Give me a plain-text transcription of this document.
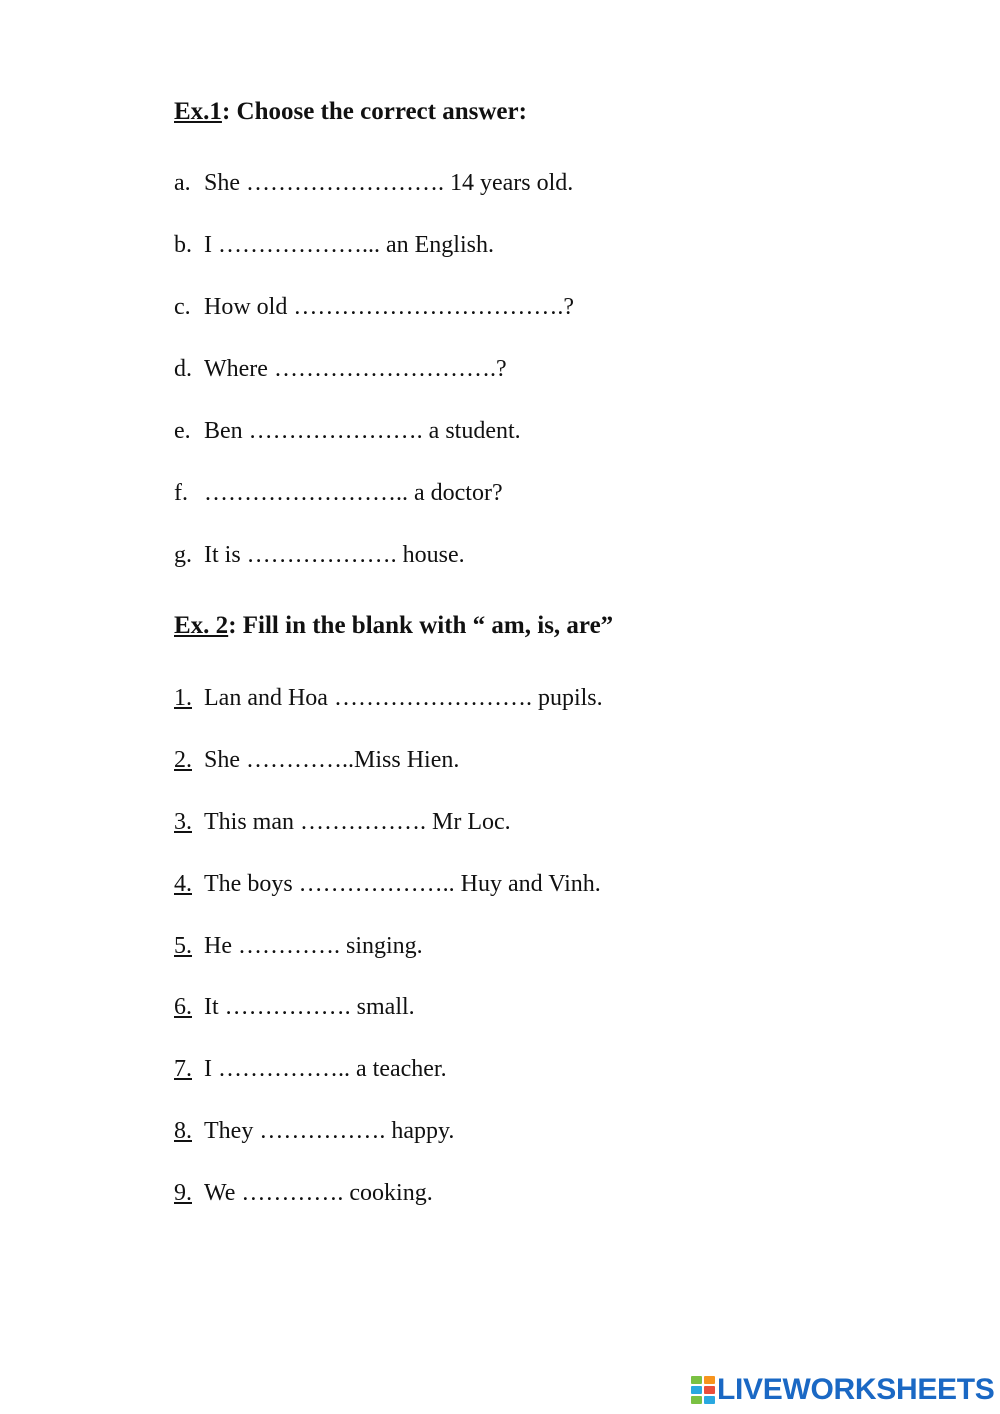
Ex.1: Choose the correct answer:
a. She ……………………. 14 years old.
b. I ………………... an English.
c. How old …………………………….?
d. Where ……………………….?
e. Ben …………………. a student.
f. …………………….. a doctor?
g. It is ………………. house.
Ex. 2: Fill in the blank with “ am, is, are”
1. Lan and Hoa ……………………. pupils.
2. She …………..Miss Hien.
3. This man ……………. Mr Loc.
4. The boys ……………….. Huy and Vinh.
5. He …………. singing.
6. It ……………. small.
7. I …………….. a teacher.
8. They ……………. happy.
9. We …………. cooking.
LIVEWORKSHEETS
